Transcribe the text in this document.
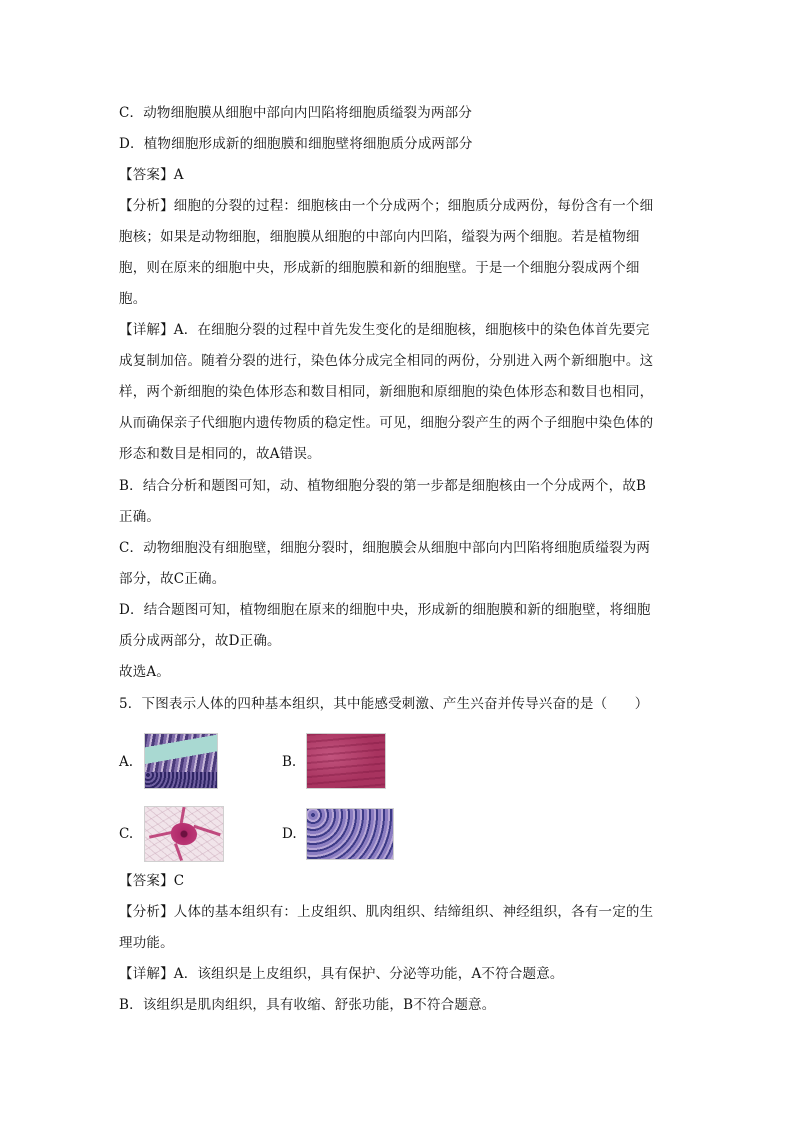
C．动物细胞膜从细胞中部向内凹陷将细胞质缢裂为两部分
D．植物细胞形成新的细胞膜和细胞壁将细胞质分成两部分
【答案】A
【分析】细胞的分裂的过程：细胞核由一个分成两个；细胞质分成两份，每份含有一个细
胞核；如果是动物细胞，细胞膜从细胞的中部向内凹陷，缢裂为两个细胞。若是植物细
胞，则在原来的细胞中央，形成新的细胞膜和新的细胞壁。于是一个细胞分裂成两个细
胞。
【详解】A．在细胞分裂的过程中首先发生变化的是细胞核，细胞核中的染色体首先要完
成复制加倍。随着分裂的进行，染色体分成完全相同的两份，分别进入两个新细胞中。这
样，两个新细胞的染色体形态和数目相同，新细胞和原细胞的染色体形态和数目也相同，
从而确保亲子代细胞内遗传物质的稳定性。可见，细胞分裂产生的两个子细胞中染色体的
形态和数目是相同的，故A错误。
B．结合分析和题图可知，动、植物细胞分裂的第一步都是细胞核由一个分成两个，故B
正确。
C．动物细胞没有细胞壁，细胞分裂时，细胞膜会从细胞中部向内凹陷将细胞质缢裂为两
部分，故C正确。
D．结合题图可知，植物细胞在原来的细胞中央，形成新的细胞膜和新的细胞壁，将细胞
质分成两部分，故D正确。
故选A。
5．下图表示人体的四种基本组织，其中能感受刺激、产生兴奋并传导兴奋的是（　　）
【答案】C
【分析】人体的基本组织有：上皮组织、肌肉组织、结缔组织、神经组织，各有一定的生
理功能。
【详解】A．该组织是上皮组织，具有保护、分泌等功能，A不符合题意。
B．该组织是肌肉组织，具有收缩、舒张功能，B不符合题意。
A.	B.
C.	D.
